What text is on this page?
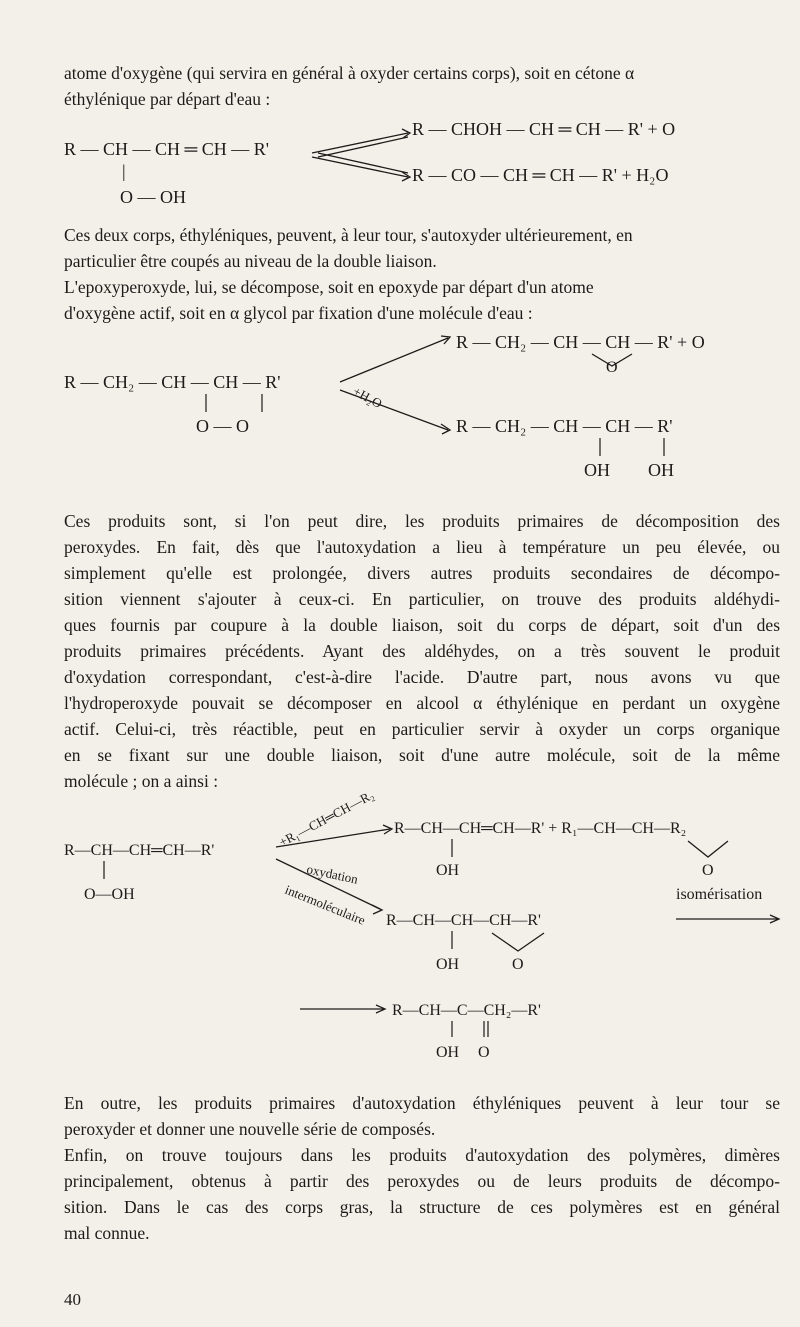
atome d'oxygène (qui servira en général à oxyder certains corps), soit en cétone α
éthylénique par départ d'eau :
R — CH — CH ═ CH — R'
|
O — OH
R — CHOH — CH ═ CH — R' + O
R — CO — CH ═ CH — R' + H₂O
Ces deux corps, éthyléniques, peuvent, à leur tour, s'autoxyder ultérieurement, en
particulier être coupés au niveau de la double liaison.
L'epoxyperoxyde, lui, se décompose, soit en epoxyde par départ d'un atome
d'oxygène actif, soit en α glycol par fixation d'une molécule d'eau :
R — CH₂ — CH — CH — R' + O
O
R — CH₂ — CH — CH — R'
O — O
+H₂O
R — CH₂ — CH — CH — R'
OH OH
Ces produits sont, si l'on peut dire, les produits primaires de décomposition des
peroxydes. En fait, dès que l'autoxydation a lieu à température un peu élevée, ou
simplement qu'elle est prolongée, divers autres produits secondaires de décompo-
sition viennent s'ajouter à ceux-ci. En particulier, on trouve des produits aldéhydi-
ques fournis par coupure à la double liaison, soit du corps de départ, soit d'un des
produits primaires précédents. Ayant des aldéhydes, on a très souvent le produit
d'oxydation correspondant, c'est-à-dire l'acide. D'autre part, nous avons vu que
l'hydroperoxyde pouvait se décomposer en alcool α éthylénique en perdant un oxygène
actif. Celui-ci, très réactible, peut en particulier servir à oxyder un corps organique
en se fixant sur une double liaison, soit d'une autre molécule, soit de la même
molécule ; on a ainsi :
+R₁—CH═CH—R₂
R—CH—CH═CH—R'
O—OH
oxydation
intermoléculaire
R—CH—CH═CH—R' + R₁—CH—CH—R₂
OH	O
isomérisation
R—CH—CH—CH—R'
OH	O
R—CH—C—CH₂—R'
OH O
En outre, les produits primaires d'autoxydation éthyléniques peuvent à leur tour se
peroxyder et donner une nouvelle série de composés.
Enfin, on trouve toujours dans les produits d'autoxydation des polymères, dimères
principalement, obtenus à partir des peroxydes ou de leurs produits de décompo-
sition. Dans le cas des corps gras, la structure de ces polymères est en général
mal connue.
40
